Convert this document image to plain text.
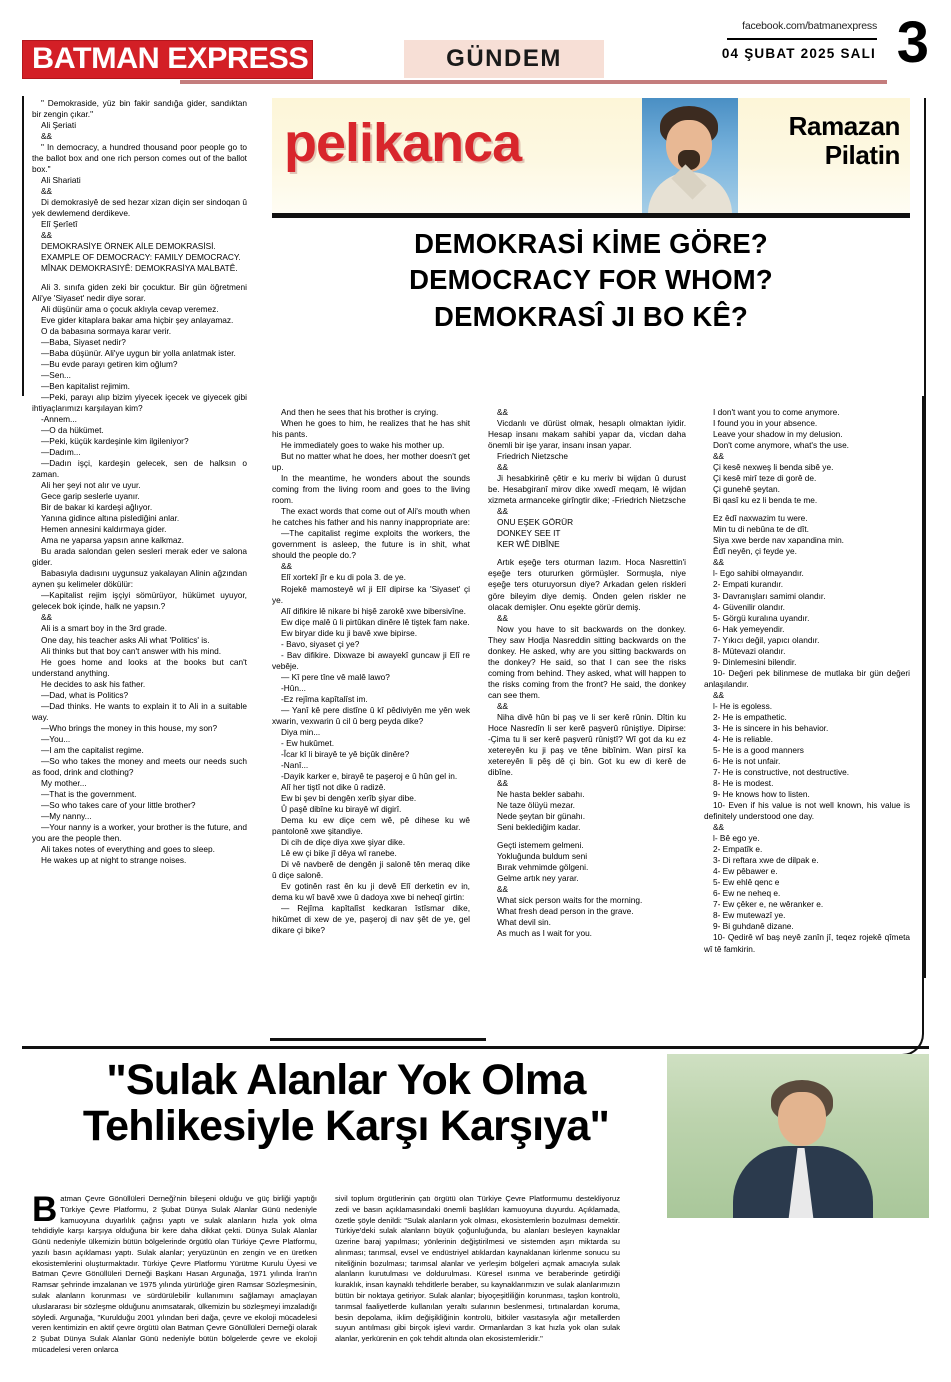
BATMAN EXPRESS	GÜNDEM
facebook.com/batmanexpress
04 ŞUBAT 2025 SALI 3
pelikanca	Ramazan
Pilatin
DEMOKRASİ KİME GÖRE?
DEMOCRACY FOR WHOM?
DEMOKRASÎ JI BO KÊ?

" Demokraside, yüz bin fakir sandığa gider, sandıktan bir zengin çıkar."

Ali Şeriati

&&

" In democracy, a hundred thousand poor people go to the ballot box and one rich person comes out of the ballot box."

Ali Shariati

&&

Di demokrasiyê de sed hezar xizan diçin ser sindoqan û yek dewlemend derdikeve.

Elî Şerîetî

&&

DEMOKRASİYE ÖRNEK AİLE DEMOKRASİSİ.

EXAMPLE OF DEMOCRACY: FAMILY DEMOCRACY.

MÎNAK DEMOKRASIYÊ: DEMOKRASİYA MALBATÊ.

Ali 3. sınıfa giden zeki bir çocuktur. Bir gün öğretmeni Ali'ye 'Siyaset' nedir diye sorar.

Ali düşünür ama o çocuk aklıyla cevap veremez.

Eve gider kitaplara bakar ama hiçbir şey anlayamaz.

O da babasına sormaya karar verir.

—Baba, Siyaset nedir?

—Baba düşünür. Ali'ye uygun bir yolla anlatmak ister.

—Bu evde parayı getiren kim oğlum?

—Sen...

—Ben kapitalist rejimim.

—Peki, parayı alıp bizim yiyecek içecek ve giyecek gibi ihtiyaçlarımızı karşılayan kim?

-Annem...

—O da hükümet.

—Peki, küçük kardeşinle kim ilgileniyor?

—Dadım...

—Dadın işçi, kardeşin gelecek, sen de halksın o zaman.

Ali her şeyi not alır ve uyur.

Gece garip seslerle uyanır.

Bir de bakar ki kardeşi ağlıyor.

Yanına gidince altına pislediğini anlar.

Hemen annesini kaldırmaya gider.

Ama ne yaparsa yapsın anne kalkmaz.

Bu arada salondan gelen sesleri merak eder ve salona gider.

Babasıyla dadısını uygunsuz yakalayan Alinin ağzından aynen şu kelimeler dökülür:

—Kapitalist rejim işçiyi sömürüyor, hükümet uyuyor, gelecek bok içinde, halk ne yapsın.?

&&

Ali is a smart boy in the 3rd grade.

One day, his teacher asks Ali what 'Politics' is.

Ali thinks but that boy can't answer with his mind.

He goes home and looks at the books but can't understand anything.

He decides to ask his father.

—Dad, what is Politics?

—Dad thinks. He wants to explain it to Ali in a suitable way.

—Who brings the money in this house, my son?

—You...

—I am the capitalist regime.

—So who takes the money and meets our needs such as food, drink and clothing?

My mother...

—That is the government.

—So who takes care of your little brother?

—My nanny...

—Your nanny is a worker, your brother is the future, and you are the people then.

Ali takes notes of everything and goes to sleep.

He wakes up at night to strange noises.

And then he sees that his brother is crying.

When he goes to him, he realizes that he has shit his pants.

He immediately goes to wake his mother up.

But no matter what he does, her mother doesn't get up.

In the meantime, he wonders about the sounds coming from the living room and goes to the living room.

The exact words that come out of Ali's mouth when he catches his father and his nanny inappropriate are:

—The capitalist regime exploits the workers, the government is asleep, the future is in shit, what should the people do.?

&&

Elî xortekî jîr e ku di pola 3. de ye.

Rojekê mamosteyê wî ji Elî dipirse ka 'Siyaset' çi ye.

Alî difikire lê nikare bi hişê zarokê xwe bibersivîne.

Ew diçe malê û li pirtûkan dinêre lê tiştek fam nake.

Ew biryar dide ku ji bavê xwe bipirse.

- Bavo, siyaset çi ye?

- Bav difikire. Dixwaze bi awayekî guncaw ji Elî re vebêje.

— Kî pere tîne vê malê lawo?

-Hûn...

-Ez rejîma kapîtalîst im.

— Yanî kê pere distîne û kî pêdiviyên me yên wek xwarin, vexwarin û cil û berg peyda dike?

Diya min...

- Ew hukûmet.

-Îcar kî li birayê te yê biçûk dinêre?

-Nanî...

-Dayik karker e, birayê te paşeroj e û hûn gel in.

Alî her tiştî not dike û radizê.

Ew bi şev bi dengên xerîb şiyar dibe.

Û paşê dibîne ku birayê wî digirî.

Dema ku ew diçe cem wê, pê dihese ku wê pantolonê xwe şitandiye.

Di cih de diçe diya xwe şiyar dike.

Lê ew çi bike jî dêya wî ranebe.

Di vê navberê de dengên ji salonê tên meraq dike û diçe salonê.

Ev gotinên rast ên ku ji devê Elî derketin ev in, dema ku wî bavê xwe û dadoya xwe bi neheqî girtin:

— Rejîma kapîtalîst kedkaran îstîsmar dike, hikûmet di xew de ye, paşeroj di nav şêt de ye, gel dikare çi bike?

&&

Vicdanlı ve dürüst olmak, hesaplı olmaktan iyidir. Hesap insanı makam sahibi yapar da, vicdan daha önemli bir işe yarar, insanı insan yapar.

Friedrich Nietzsche

&&

Ji hesabkirinê çêtir e ku meriv bi wijdan û durust be. Hesabgiranî mirov dike xwedî meqam, lê wijdan xizmeta armanceke girîngtir dike; -Friedrich Nietzsche

&&

ONU EŞEK GÖRÜR

DONKEY SEE IT

KER WÊ DIBÎNE

Artık eşeğe ters oturman lazım. Hoca Nasrettin'i eşeğe ters otururken görmüşler. Sormuşla, niye eşeğe ters oturuyorsun diye? Arkadan gelen riskleri göre bileyim diye demiş. Önden gelen riskler ne olacak demişler. Onu eşekte görür demiş.

&&

Now you have to sit backwards on the donkey. They saw Hodja Nasreddin sitting backwards on the donkey. He asked, why are you sitting backwards on the donkey? He said, so that I can see the risks coming from behind. They asked, what will happen to the risks coming from the front? He said, the donkey can see them.

&&

Niha divê hûn bi paş ve li ser kerê rûnin. Dîtin ku Hoce Nasredîn li ser kerê paşverû rûniştiye. Dipirse: -Çima tu li ser kerê paşverû rûniştî? Wî got da ku ez xetereyên ku ji paş ve têne bibînim. Wan pirsî ka xetereyên li pêş dê çi bin. Got ku ew di kerê de dibîne.

&&

Ne hasta bekler sabahı.

Ne taze ölüyü mezar.

Nede şeytan bir günahı.

Seni beklediğim kadar.

Geçti istemem gelmeni.

Yokluğunda buldum seni

Bırak vehmimde gölgeni.

Gelme artık ney yarar.

&&

What sick person waits for the morning.

What fresh dead person in the grave.

What devil sin.

As much as I wait for you.

I don't want you to come anymore.

I found you in your absence.

Leave your shadow in my delusion.

Don't come anymore, what's the use.

&&

Çi kesê nexweş li benda sibê ye.

Çi kesê mirî teze di gorê de.

Çi gunehê şeytan.

Bi qasî ku ez li benda te me.

Ez êdî naxwazim tu were.

Min tu di nebûna te de dît.

Siya xwe berde nav xapandina min.

Êdî neyên, çi feyde ye.

&&

l- Ego sahibi olmayandır.

2- Empati kurandır.

3- Davranışları samimi olandır.

4- Güvenilir olandır.

5- Görgü kuralına uyandır.

6- Hak yemeyendir.

7- Yıkıcı değil, yapıcı olandır.

8- Mütevazi olandır.

9- Dinlemesini bilendir.

10- Değeri pek bilinmese de mutlaka bir gün değeri anlaşılandır.

&&

l- He is egoless.

2- He is empathetic.

3- He is sincere in his behavior.

4- He is reliable.

5- He is a good manners

6- He is not unfair.

7- He is constructive, not destructive.

8- He is modest.

9- He knows how to listen.

10- Even if his value is not well known, his value is definitely understood one day.

&&

l- Bê ego ye.

2- Empatîk e.

3- Di reftara xwe de dilpak e.

4- Ew pêbawer e.

5- Ew ehlê qenc e

6- Ew ne neheq e.

7- Ew çêker e, ne wêranker e.

8- Ew mutewazî ye.

9- Bi guhdanê dizane.

10- Qedirê wî baş neyê zanîn jî, teqez rojekê qîmeta wî tê famkirin.

"Sulak Alanlar Yok Olma
Tehlikesiyle Karşı Karşıya"

Batman Çevre Gönüllüleri Derneği'nin bileşeni olduğu ve güç birliği yaptığı Türkiye Çevre Platformu, 2 Şubat Dünya Sulak Alanlar Günü nedeniyle kamuoyuna duyarlılık çağrısı yaptı ve sulak alanların hızla yok olma tehdidiyle karşı karşıya olduğuna bir kere daha dikkat çekti. Dünya Sulak Alanlar Günü nedeniyle ülkemizin bütün bölgelerinde örgütlü olan Türkiye Çevre Platformu, yazılı basın açıklaması yaptı. Sulak alanlar; yeryüzünün en zengin ve en üretken ekosistemlerini oluşturmaktadır. Türkiye Çevre Platformu Yürütme Kurulu Üyesi ve Batman Çevre Gönüllüleri Derneği Başkanı Hasan Argunağa, 1971 yılında İran'ın Ramsar şehrinde imzalanan ve 1975 yılında yürürlüğe giren Ramsar Sözleşmesinin, sulak alanların korunması ve sürdürülebilir kullanımını sağlamayı amaçlayan uluslararası bir sözleşme olduğunu anımsatarak, ülkemizin bu sözleşmeyi imzaladığı söyledi. Argunağa, "Kurulduğu 2001 yılından beri dağa, çevre ve ekoloji mücadelesi veren kentimizin en aktif çevre örgütü olan Batman Çevre Gönüllüleri Derneği olarak 2 Şubat Dünya Sulak Alanlar Günü nedeniyle bütün bölgelerde çevre ve ekoloji mücadelesi veren onlarca

sivil toplum örgütlerinin çatı örgütü olan Türkiye Çevre Platformumu destekliyoruz zedi ve basın açıklamasındaki önemli başlıkları kamuoyuna duyurdu. Açıklamada, özetle şöyle denildi: "Sulak alanların yok olması, ekosistemlerin bozulması demektir. Türkiye'deki sulak alanların büyük çoğunluğunda, bu alanları besleyen kaynaklar üzerine baraj yapılması; yönlerinin değiştirilmesi ve sistemden aşırı miktarda su alınması; tarımsal, evsel ve endüstriyel atıklardan kaynaklanan kirlenme sonucu su niteliğinin bozulması; tarımsal alanlar ve yerleşim bölgeleri açmak amacıyla sulak alanların kurutulması ve doldurulması. Küresel ısınma ve beraberinde getirdiği kuraklık, insan kaynaklı tehditlerle beraber, su kaynaklarımızın ve sulak alanlarımızın bütün bir noktaya getiriyor. Sulak alanlar; biyoçeşitliliğin korunması, taşkın kontrolü, tarımsal faaliyetlerde kullanılan yeraltı sularının beslenmesi, tırtınalardan koruma, besin depolama, iklim değişikliğinin kontrolü, bitkiler vasıtasıyla ağır metallerden suyun arıtılması gibi birçok işlevi vardır. Ormanlardan 3 kat hızla yok olan sulak alanlar, yerkürenin en çok tehdit altında olan ekosistemleridir."
